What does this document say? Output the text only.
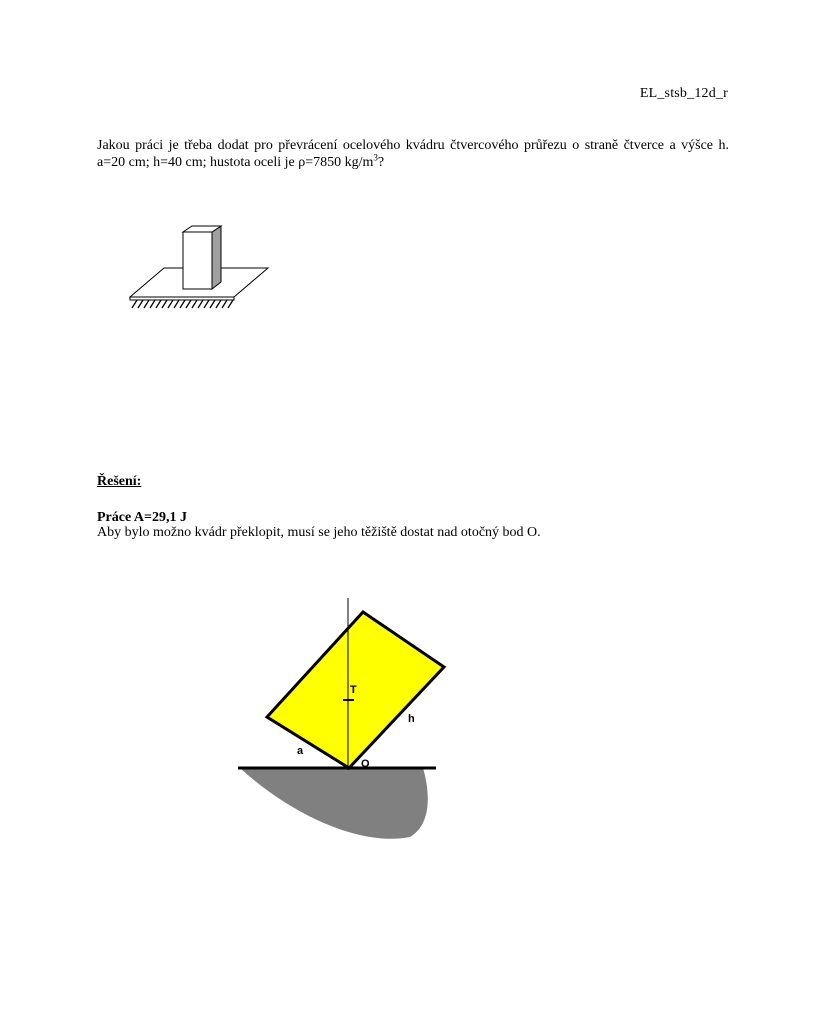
EL_stsb_12d_r
Jakou práci je třeba dodat pro převrácení ocelového kvádru čtvercového průřezu o straně čtverce a výšce h. a=20 cm; h=40 cm; hustota oceli je ρ=7850 $kg/m^3$?
Řešení:
Práce A=29,1 J
Aby bylo možno kvádr překlopit, musí se jeho těžiště dostat nad otočný bod O.
T
h
a
O
